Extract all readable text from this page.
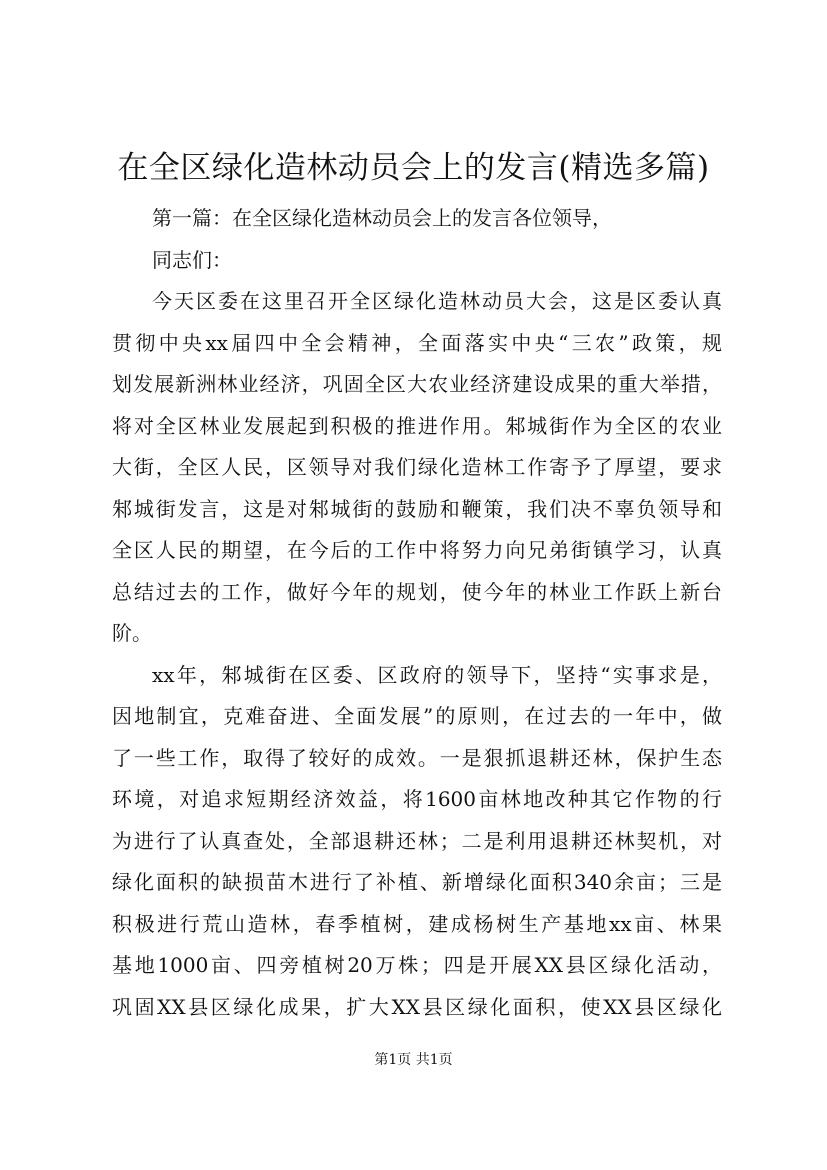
在全区绿化造林动员会上的发言(精选多篇)
第一篇：在全区绿化造林动员会上的发言各位领导，
同志们：
今天区委在这里召开全区绿化造林动员大会，这是区委认真
贯彻中央xx届四中全会精神，全面落实中央“三农”政策，规
划发展新洲林业经济，巩固全区大农业经济建设成果的重大举措，
将对全区林业发展起到积极的推进作用。邾城街作为全区的农业
大街，全区人民，区领导对我们绿化造林工作寄予了厚望，要求
邾城街发言，这是对邾城街的鼓励和鞭策，我们决不辜负领导和
全区人民的期望，在今后的工作中将努力向兄弟街镇学习，认真
总结过去的工作，做好今年的规划，使今年的林业工作跃上新台
阶。
xx年，邾城街在区委、区政府的领导下，坚持“实事求是，
因地制宜，克难奋进、全面发展”的原则，在过去的一年中，做
了一些工作，取得了较好的成效。一是狠抓退耕还林，保护生态
环境，对追求短期经济效益，将1600亩林地改种其它作物的行
为进行了认真查处，全部退耕还林；二是利用退耕还林契机，对
绿化面积的缺损苗木进行了补植、新增绿化面积340余亩；三是
积极进行荒山造林，春季植树，建成杨树生产基地xx亩、林果
基地1000亩、四旁植树20万株；四是开展XX县区绿化活动，
巩固XX县区绿化成果，扩大XX县区绿化面积，使XX县区绿化
第1页 共1页
